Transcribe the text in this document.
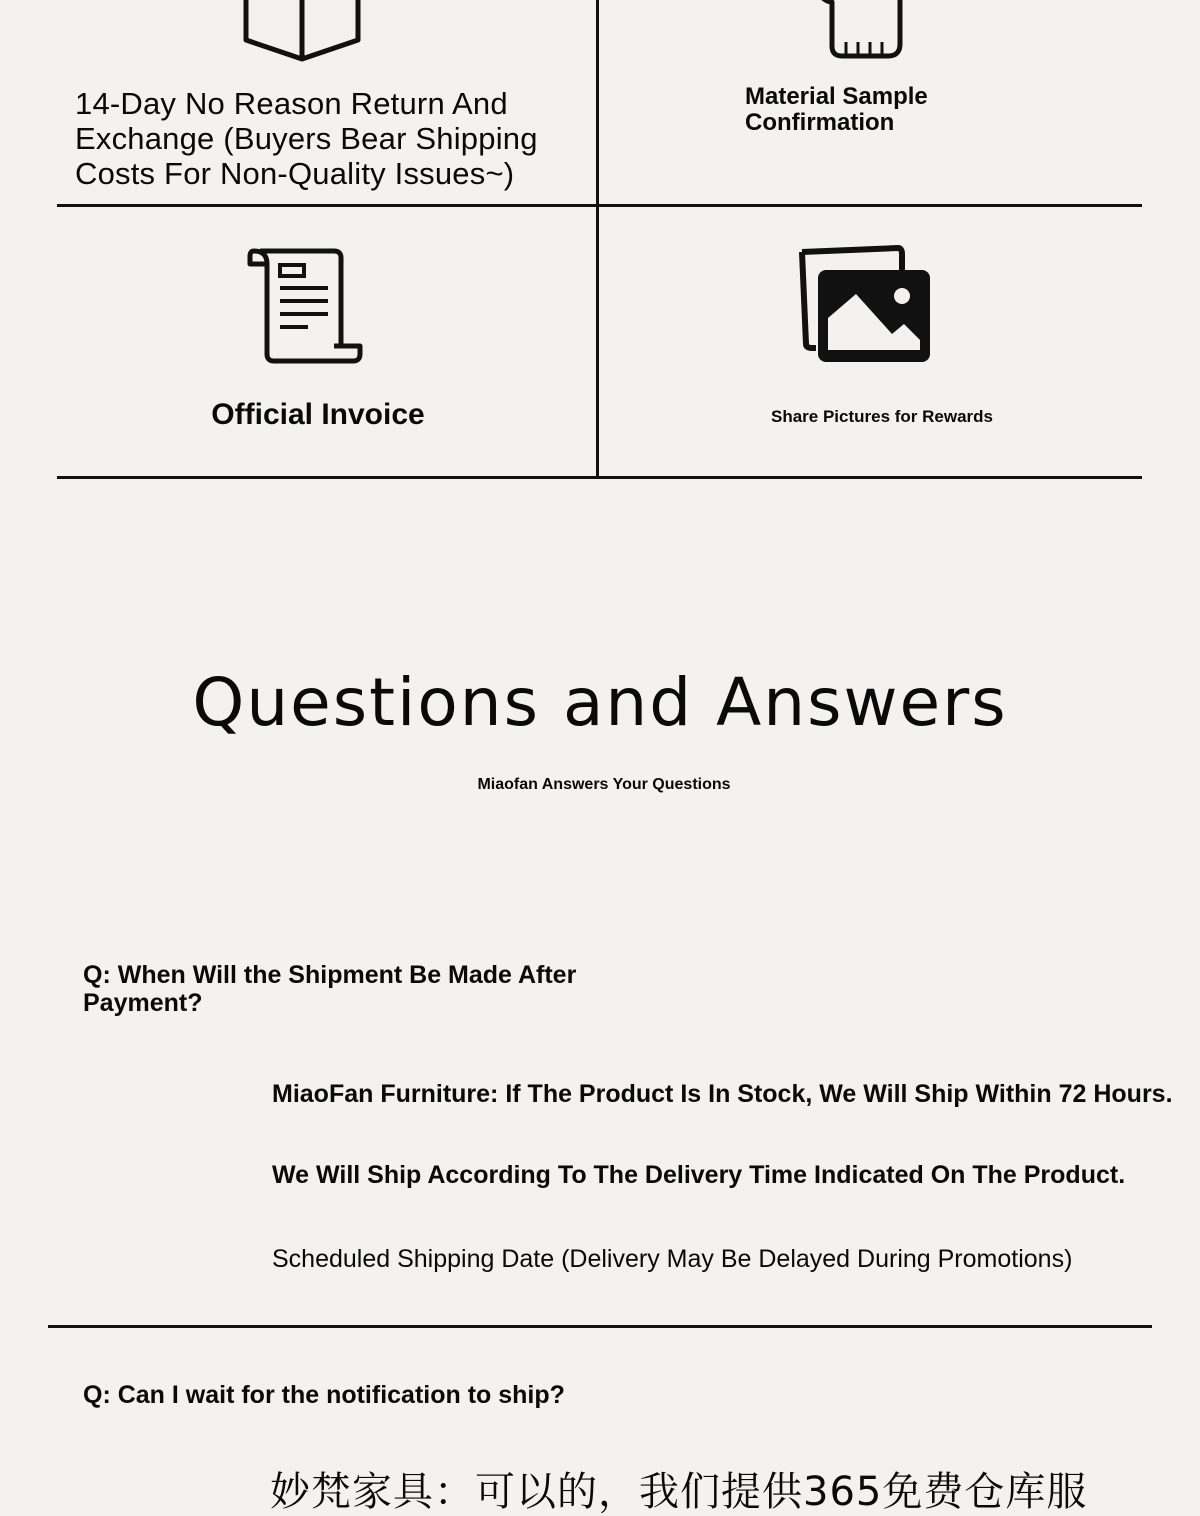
14-Day No Reason Return And Exchange (Buyers Bear Shipping Costs For Non-Quality Issues~)
Material Sample Confirmation
Official Invoice	Share Pictures for Rewards
Questions and Answers
Miaofan Answers Your Questions
Q: When Will the Shipment Be Made After Payment?
MiaoFan Furniture: If The Product Is In Stock, We Will Ship Within 72 Hours.
We Will Ship According To The Delivery Time Indicated On The Product.
Scheduled Shipping Date (Delivery May Be Delayed During Promotions)
Q: Can I wait for the notification to ship?
妙梵家具：可以的，我们提供365免费仓库服
